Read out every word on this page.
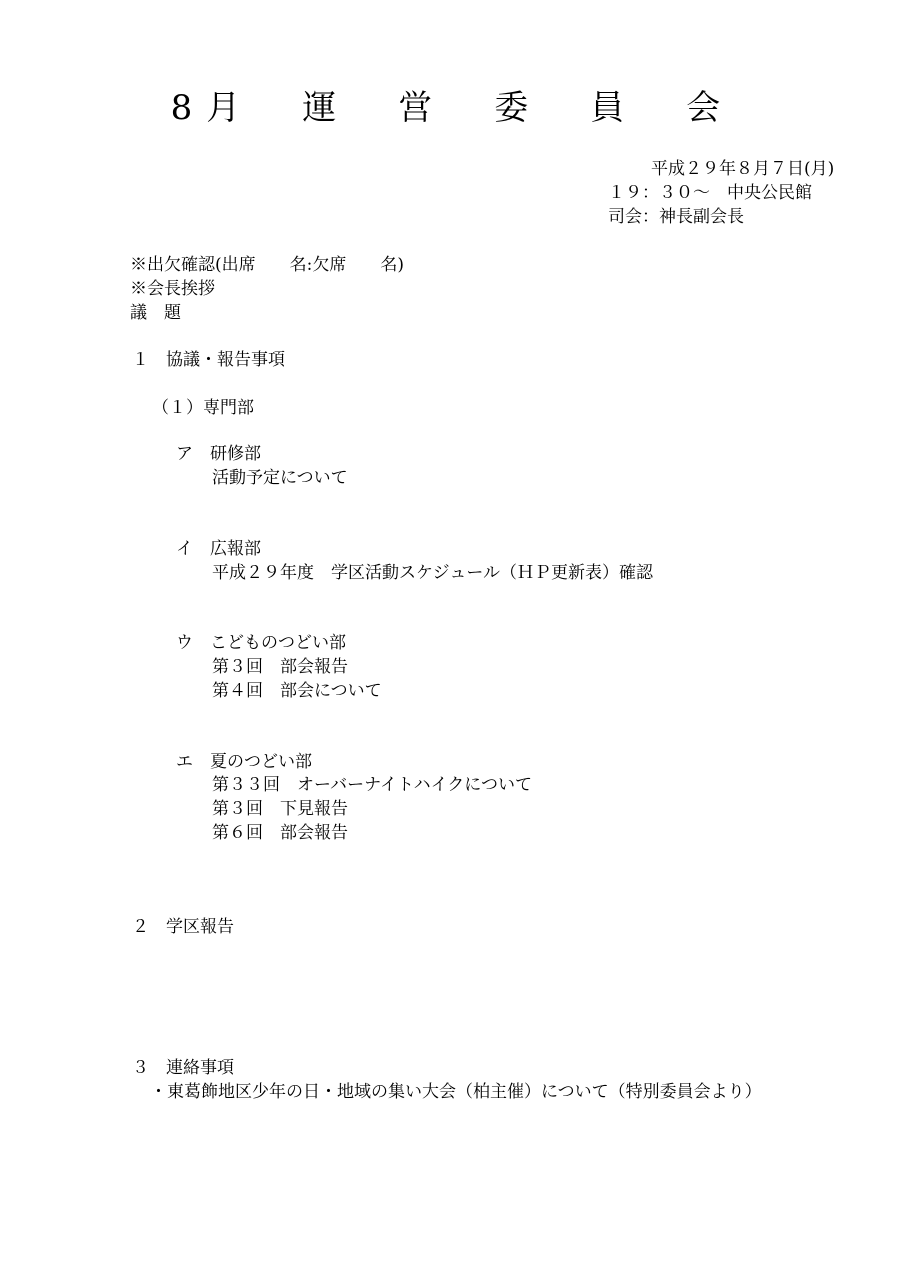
8月　運　営　委　員　会
平成２９年８月７日(月)
１９：３０～　中央公民館
司会：神長副会長
※出欠確認(出席　　名:欠席　　名)
※会長挨拶
議　題
１　協議・報告事項
（１）専門部
ア　研修部
活動予定について
イ　広報部
平成２９年度　学区活動スケジュール（ＨＰ更新表）確認
ウ　こどものつどい部
第３回　部会報告
第４回　部会について
エ　夏のつどい部
第３３回　オーバーナイトハイクについて
第３回　下見報告
第６回　部会報告
２　学区報告
３　連絡事項
・東葛飾地区少年の日・地域の集い大会（柏主催）について（特別委員会より）
